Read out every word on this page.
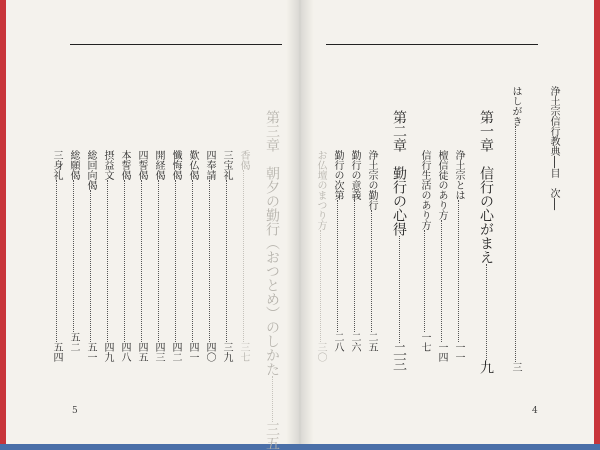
浄土宗信行教典──目　次──
はしがき三
第一章　信行の心がまえ九
浄土宗とは一一
檀信徒のあり方一四
信行生活のあり方一七
第二章　勤行の心得二三
浄土宗の勤行二五
勤行の意義二六
勤行の次第二八
お仏壇のまつり方三〇
第三章　朝夕の勤行（おつとめ）のしかた三五
香偈三七
三宝礼三九
四奉請四〇
歎仏偈四一
懺悔偈四二
開経偈四三
四誓偈四五
本誓偈四八
摂益文四九
総回向偈五一
総願偈五二
三身礼五四
5	4
